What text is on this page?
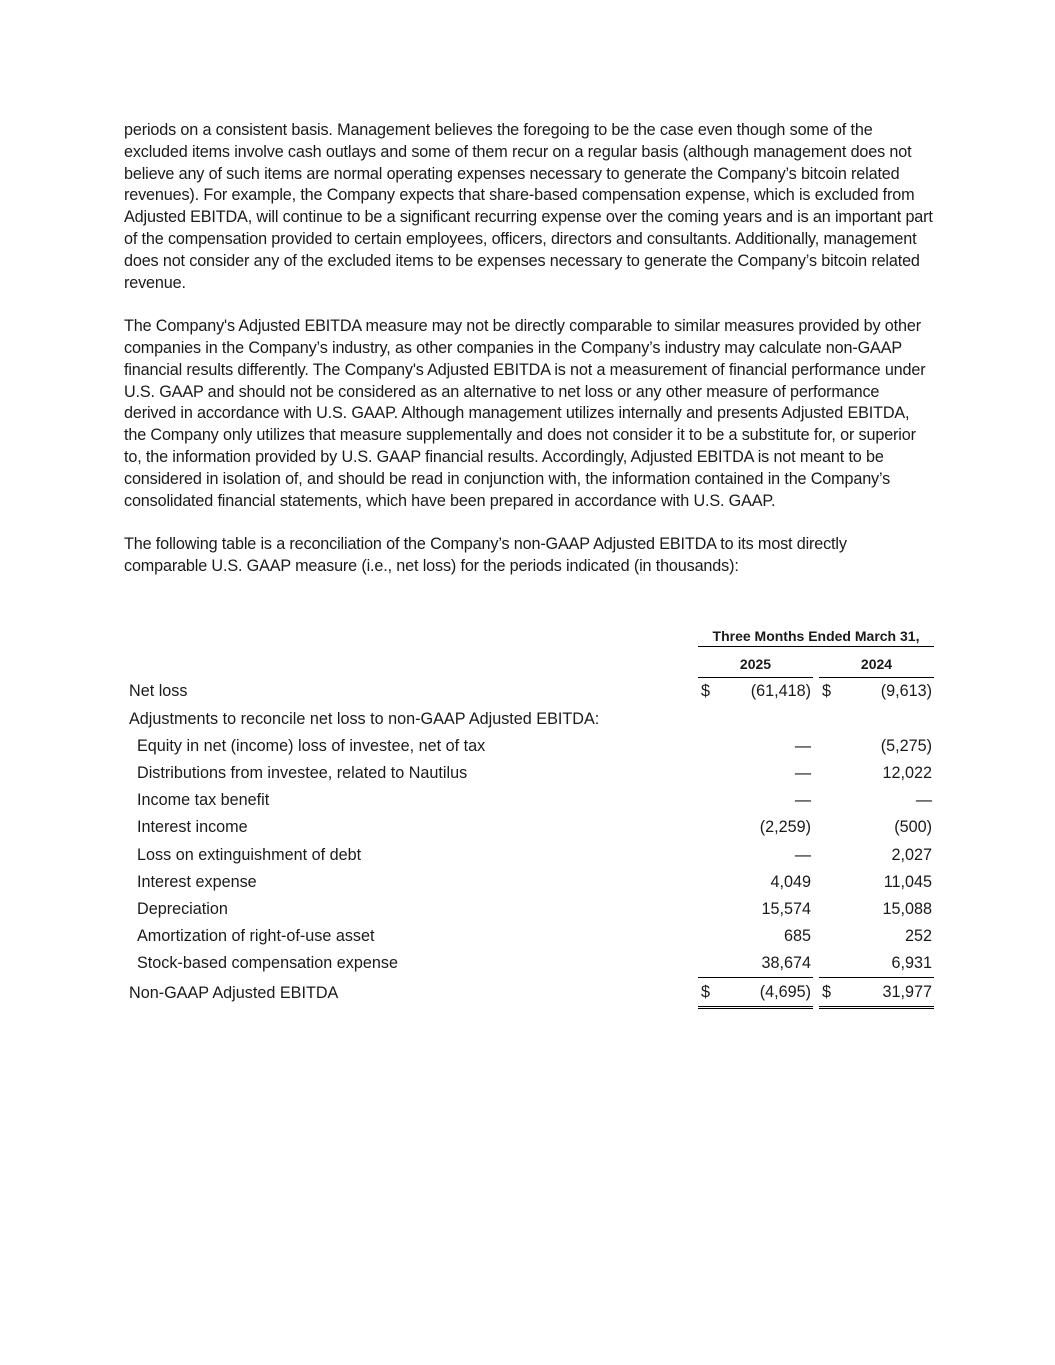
periods on a consistent basis. Management believes the foregoing to be the case even though some of the excluded items involve cash outlays and some of them recur on a regular basis (although management does not believe any of such items are normal operating expenses necessary to generate the Company’s bitcoin related revenues). For example, the Company expects that share-based compensation expense, which is excluded from Adjusted EBITDA, will continue to be a significant recurring expense over the coming years and is an important part of the compensation provided to certain employees, officers, directors and consultants. Additionally, management does not consider any of the excluded items to be expenses necessary to generate the Company’s bitcoin related revenue.

The Company's Adjusted EBITDA measure may not be directly comparable to similar measures provided by other companies in the Company’s industry, as other companies in the Company’s industry may calculate non-GAAP financial results differently. The Company's Adjusted EBITDA is not a measurement of financial performance under U.S. GAAP and should not be considered as an alternative to net loss or any other measure of performance derived in accordance with U.S. GAAP. Although management utilizes internally and presents Adjusted EBITDA, the Company only utilizes that measure supplementally and does not consider it to be a substitute for, or superior to, the information provided by U.S. GAAP financial results. Accordingly, Adjusted EBITDA is not meant to be considered in isolation of, and should be read in conjunction with, the information contained in the Company’s consolidated financial statements, which have been prepared in accordance with U.S. GAAP.

The following table is a reconciliation of the Company’s non-GAAP Adjusted EBITDA to its most directly comparable U.S. GAAP measure (i.e., net loss) for the periods indicated (in thousands):

	Three Months Ended March 31,				

	2025			2024	
Net loss	$	(61,418)		$	(9,613)
Adjustments to reconcile net loss to non-GAAP Adjusted EBITDA:					
Equity in net (income) loss of investee, net of tax		—			(5,275)
Distributions from investee, related to Nautilus		—			12,022
Income tax benefit		—			—
Interest income		(2,259)			(500)
Loss on extinguishment of debt		—			2,027
Interest expense		4,049			11,045
Depreciation		15,574			15,088
Amortization of right-of-use asset		685			252
Stock-based compensation expense		38,674			6,931
Non-GAAP Adjusted EBITDA	$	(4,695)		$	31,977
